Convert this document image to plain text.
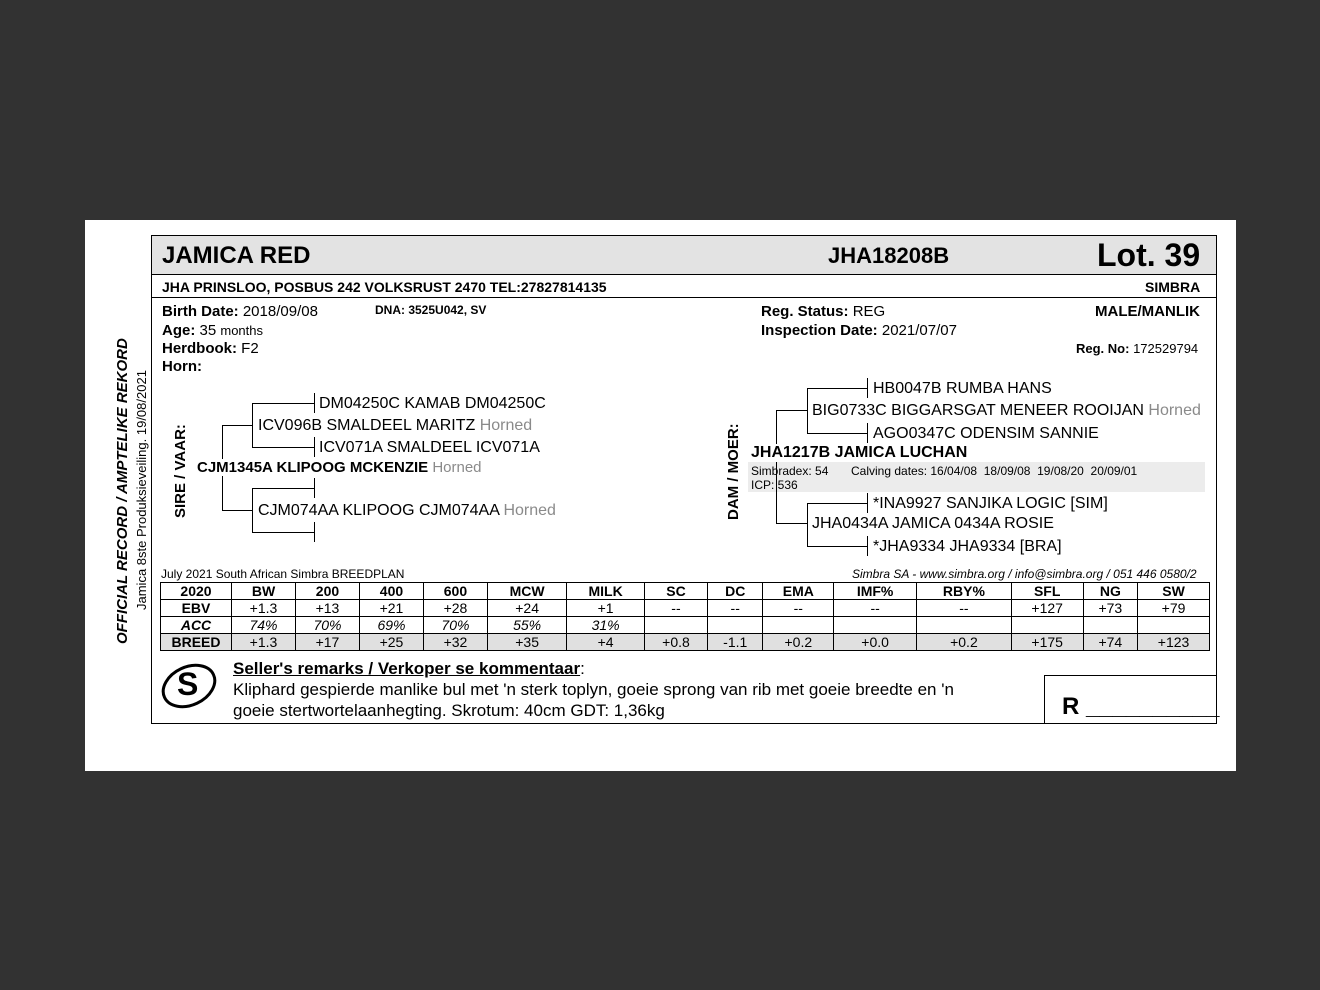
OFFICIAL RECORD / AMPTELIKE REKORD Jamica 8ste Produksieveiling. 19/08/2021
JAMICA RED	JHA18208B	Lot. 39
JHA PRINSLOO, POSBUS 242 VOLKSRUST 2470 TEL:27827814135	SIMBRA
Birth Date: 2018/09/08	DNA: 3525U042, SV
Age: 35 months
Herdbook: F2
Horn:
Reg. Status: REG
Inspection Date: 2021/07/07
MALE/MANLIK
Reg. No: 172529794
SIRE / VAAR:
DM04250C KAMAB DM04250C
ICV096B SMALDEEL MARITZ Horned
ICV071A SMALDEEL ICV071A
CJM1345A KLIPOOG MCKENZIE Horned
CJM074AA KLIPOOG CJM074AA Horned	DAM / MOER:
HB0047B RUMBA HANS
BIG0733C BIGGARSGAT MENEER ROOIJAN Horned
AGO0347C ODENSIM SANNIE
JHA1217B JAMICA LUCHAN
Simbradex: 54 Calving dates: 16/04/08  18/09/08  19/08/20  20/09/01
ICP: 536
*INA9927 SANJIKA LOGIC [SIM]
JHA0434A JAMICA 0434A ROSIE
*JHA9334 JHA9334 [BRA]
July 2021 South African Simbra BREEDPLAN	Simbra SA - www.simbra.org / info@simbra.org / 051 446 0580/2
2020	BW	200	400	600	MCW	MILK	SC	DC	EMA	IMF%	RBY%	SFL	NG	SW
EBV	+1.3	+13	+21	+28	+24	+1	--	--	--	--	--	+127	+73	+79
ACC	74%	70%	69%	70%	55%	31%								
BREED	+1.3	+17	+25	+32	+35	+4	+0.8	-1.1	+0.2	+0.0	+0.2	+175	+74	+123
S Seller's remarks / Verkoper se kommentaar:
Kliphard gespierde manlike bul met 'n sterk toplyn, goeie sprong van rib met goeie breedte en 'n
goeie stertwortelaanhegting. Skrotum: 40cm GDT: 1,36kg	R __________
